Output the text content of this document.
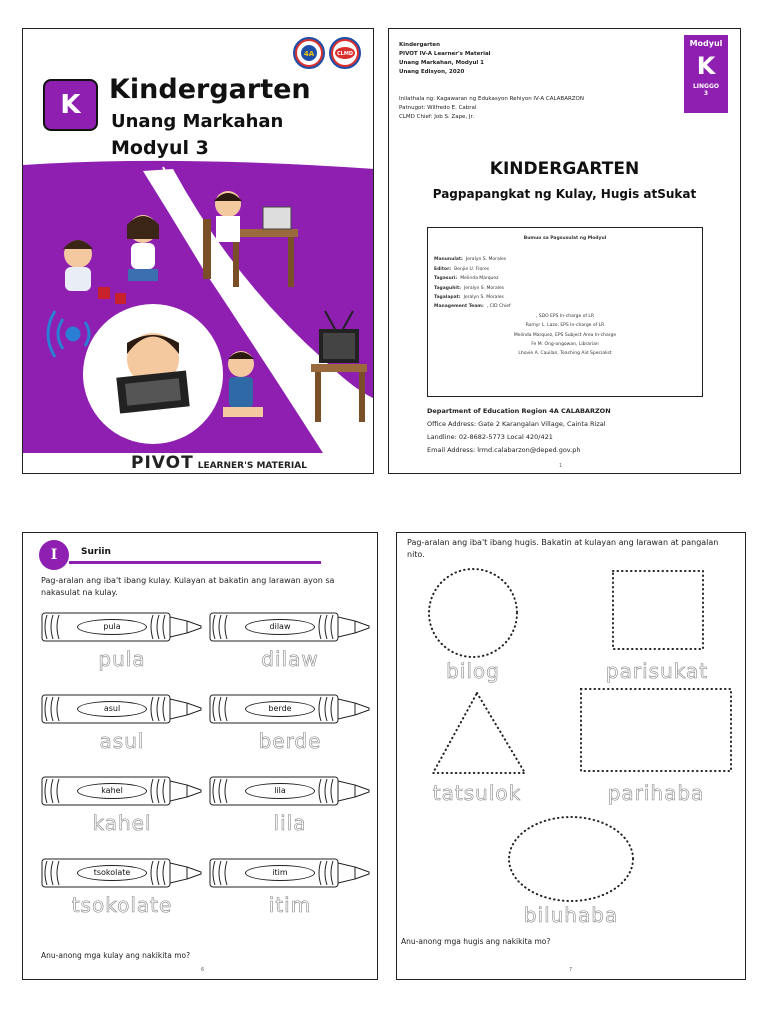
4A	CLMD
K	Kindergarten
Unang Markahan
Modyul 3
PIVOT LEARNER'S MATERIAL
Kindergarten
PIVOT IV-A Learner's Material
Unang Markahan, Modyul 1
Unang Edisyon, 2020
Inilathala ng: Kagawaran ng Edukasyon Rehiyon IV-A CALABARZON
Patnugot: Wilfredo E. Cabral
CLMD Chief: Job S. Zape, Jr.
Modyul
K
LINGGO
3
KINDERGARTEN
Pagpapangkat ng Kulay, Hugis atSukat
Bumuo sa Pagsusulat ng Modyul
Manunulat: Jeralyn S. Morales
Editor: Benjie U. Flores
Tagasuri: Melinda Marquez
Tagaguhit: Jeralyn S. Morales
Tagalapat: Jeralyn S. Morales
Management Team: , CID Chief
, SDO EPS In-charge of LR
Romyr L. Lazo, EPS In-charge of LR
Melinda Marquez, EPS Subject Area In-charge
Fe M. Ong-ongowan, Librarian
Lhovie A. Cauilan, Teaching Aid Specialist
Department of Education Region 4A CALABARZON
Office Address: Gate 2 Karangalan Village, Cainta Rizal
Landline: 02-8682-5773 Local 420/421
Email Address: lrmd.calabarzon@deped.gov.ph
1
I	Suriin
Pag-aralan ang iba't ibang kulay. Kulayan at bakatin ang larawan ayon sa nakasulat na kulay.
pula
pula
dilaw
dilaw
asul
asul
berde
berde
kahel
kahel
lila
lila
tsokolate
tsokolate
itim
itim
Anu-anong mga kulay ang nakikita mo?
6
Pag-aralan ang iba't ibang hugis. Bakatin at kulayan ang larawan at pangalan nito.
bilog	parisukat
tatsulok	parihaba
biluhaba
Anu-anong mga hugis ang nakikita mo?
7
